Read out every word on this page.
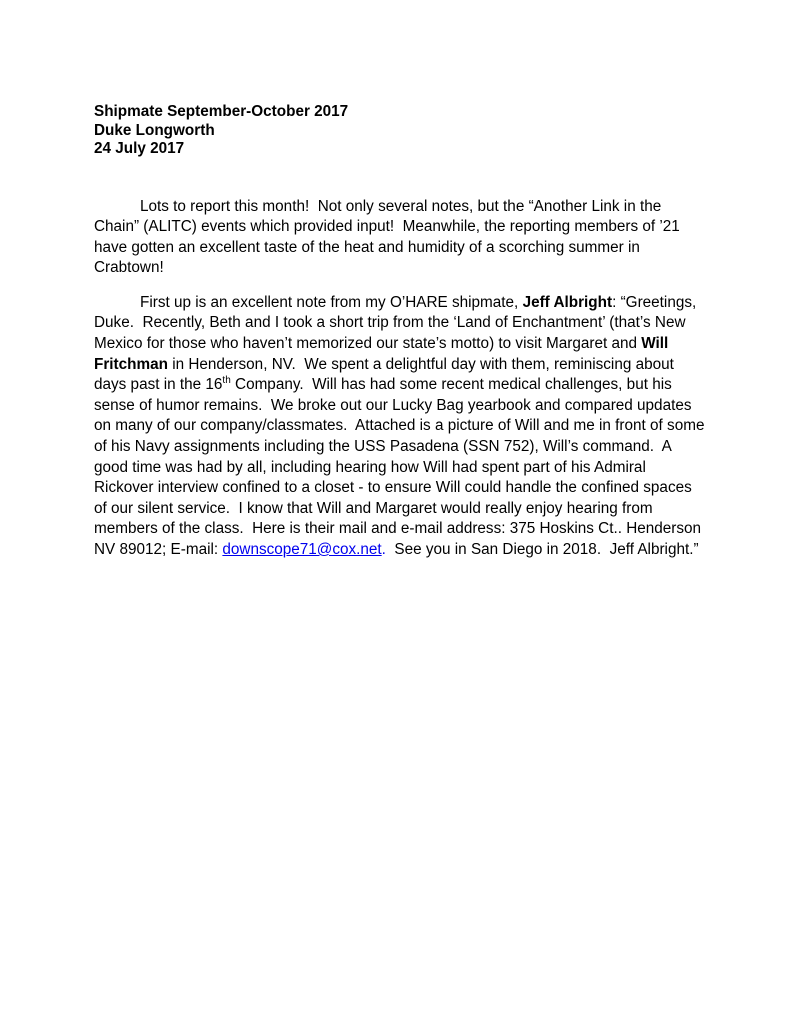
Shipmate September-October 2017
Duke Longworth
24 July 2017

Lots to report this month!  Not only several notes, but the “Another Link in the Chain” (ALITC) events which provided input!  Meanwhile, the reporting members of ’21 have gotten an excellent taste of the heat and humidity of a scorching summer in Crabtown!

First up is an excellent note from my O’HARE shipmate, Jeff Albright: “Greetings, Duke.  Recently, Beth and I took a short trip from the ‘Land of Enchantment’ (that’s New Mexico for those who haven’t memorized our state’s motto) to visit Margaret and Will Fritchman in Henderson, NV.  We spent a delightful day with them, reminiscing about days past in the 16th Company.  Will has had some recent medical challenges, but his sense of humor remains.  We broke out our Lucky Bag yearbook and compared updates on many of our company/classmates.  Attached is a picture of Will and me in front of some of his Navy assignments including the USS Pasadena (SSN 752), Will’s command.  A good time was had by all, including hearing how Will had spent part of his Admiral Rickover interview confined to a closet - to ensure Will could handle the confined spaces of our silent service.  I know that Will and Margaret would really enjoy hearing from members of the class.  Here is their mail and e-mail address: 375 Hoskins Ct.. Henderson NV 89012; E-mail: downscope71@cox.net.  See you in San Diego in 2018.  Jeff Albright.”
